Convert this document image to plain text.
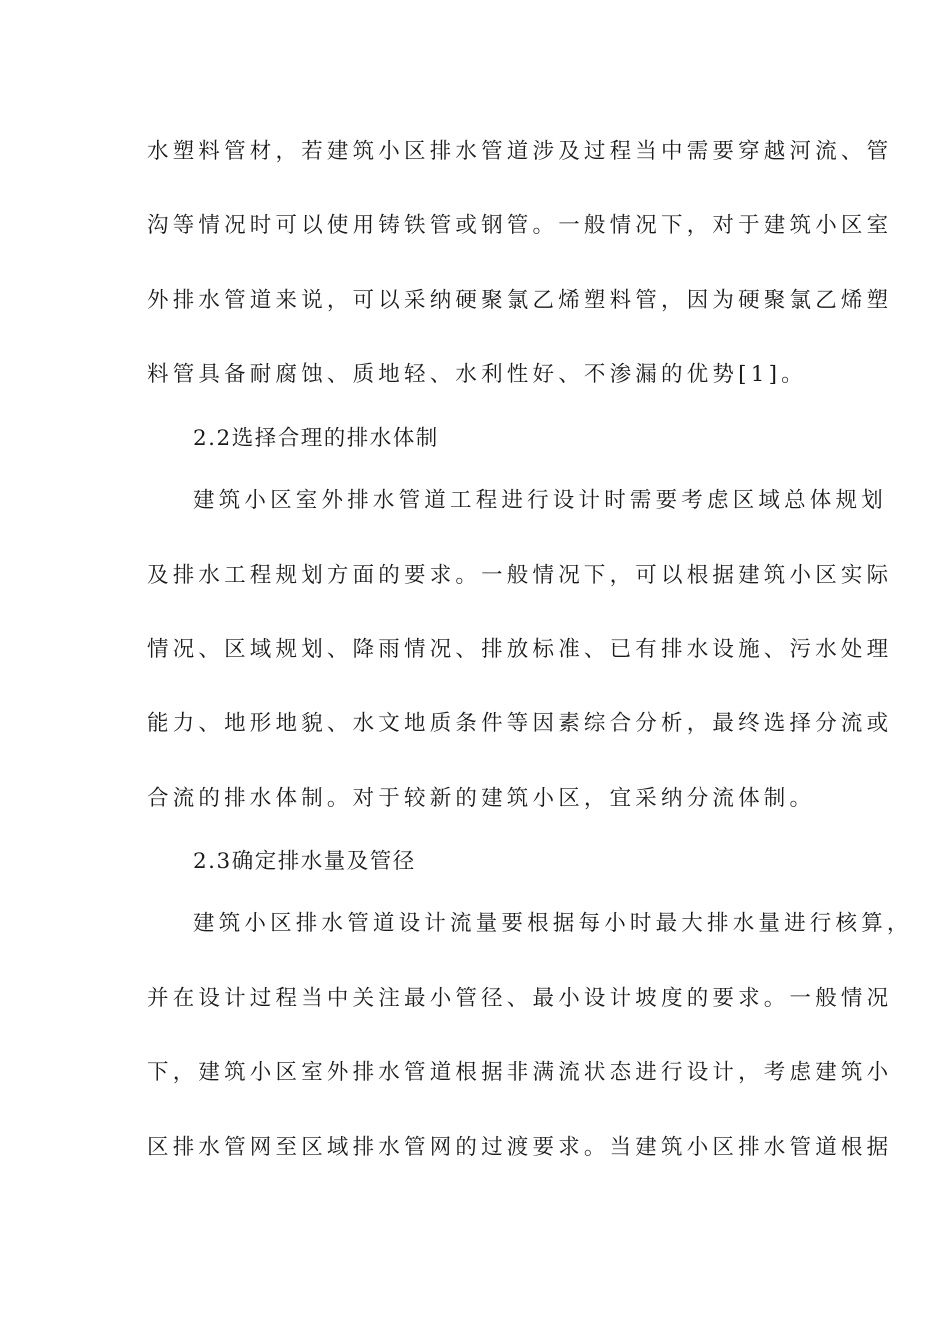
水塑料管材，若建筑小区排水管道涉及过程当中需要穿越河流、管
沟等情况时可以使用铸铁管或钢管。一般情况下，对于建筑小区室
外排水管道来说，可以采纳硬聚氯乙烯塑料管，因为硬聚氯乙烯塑
料管具备耐腐蚀、质地轻、水利性好、不渗漏的优势[1]。
2.2选择合理的排水体制
建筑小区室外排水管道工程进行设计时需要考虑区域总体规划
及排水工程规划方面的要求。一般情况下，可以根据建筑小区实际
情况、区域规划、降雨情况、排放标准、已有排水设施、污水处理
能力、地形地貌、水文地质条件等因素综合分析，最终选择分流或
合流的排水体制。对于较新的建筑小区，宜采纳分流体制。
2.3确定排水量及管径
建筑小区排水管道设计流量要根据每小时最大排水量进行核算，
并在设计过程当中关注最小管径、最小设计坡度的要求。一般情况
下，建筑小区室外排水管道根据非满流状态进行设计，考虑建筑小
区排水管网至区域排水管网的过渡要求。当建筑小区排水管道根据
